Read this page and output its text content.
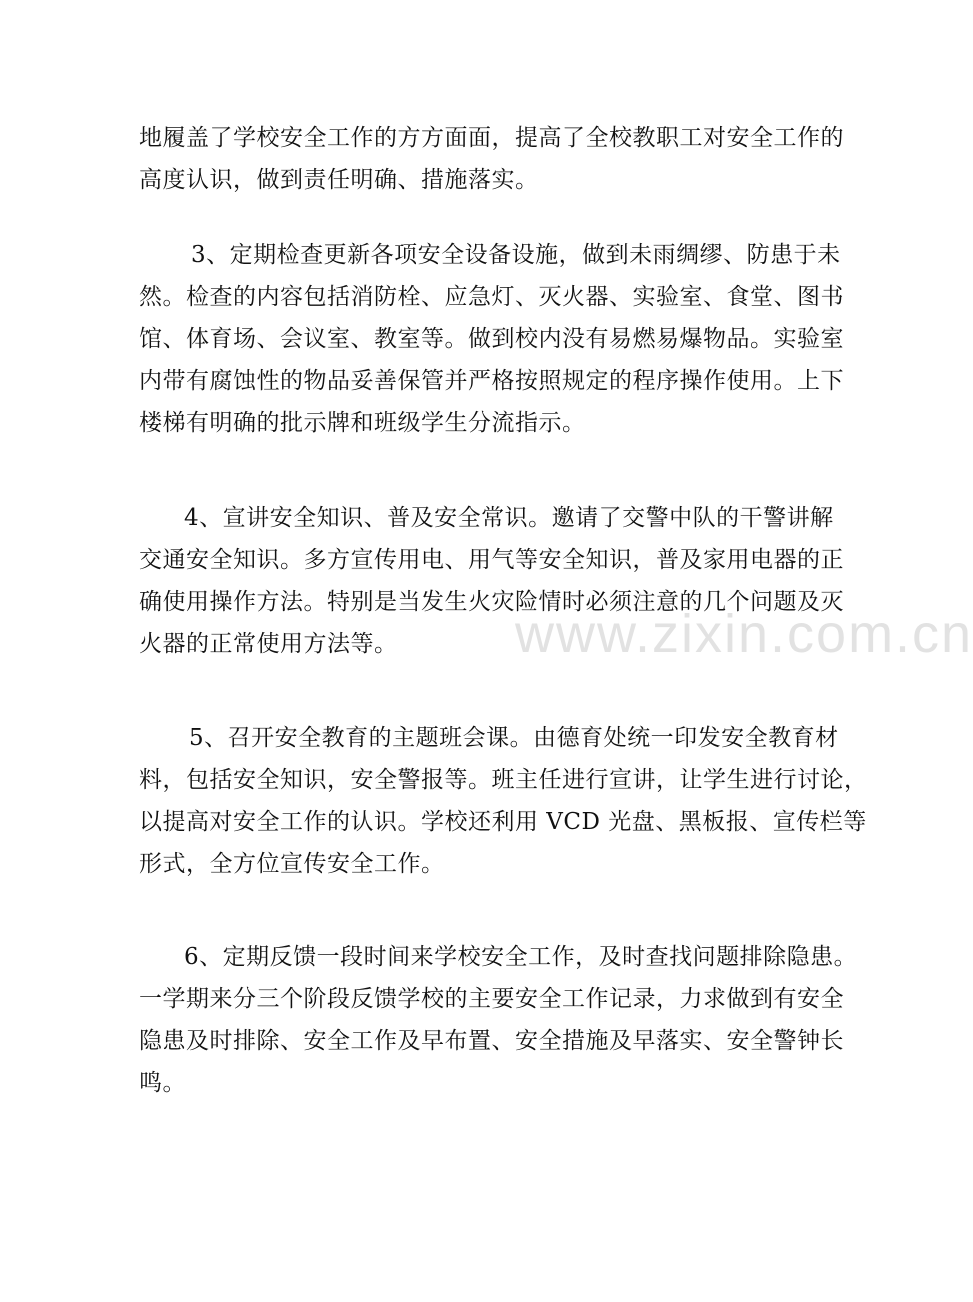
地履盖了学校安全工作的方方面面，提高了全校教职工对安全工作的
高度认识，做到责任明确、措施落实。
3、定期检查更新各项安全设备设施，做到未雨绸缪、防患于未
然。检查的内容包括消防栓、应急灯、灭火器、实验室、食堂、图书
馆、体育场、会议室、教室等。做到校内没有易燃易爆物品。实验室
内带有腐蚀性的物品妥善保管并严格按照规定的程序操作使用。上下
楼梯有明确的批示牌和班级学生分流指示。
4、宣讲安全知识、普及安全常识。邀请了交警中队的干警讲解
交通安全知识。多方宣传用电、用气等安全知识，普及家用电器的正
确使用操作方法。特别是当发生火灾险情时必须注意的几个问题及灭
火器的正常使用方法等。
5、召开安全教育的主题班会课。由德育处统一印发安全教育材
料，包括安全知识，安全警报等。班主任进行宣讲，让学生进行讨论，
以提高对安全工作的认识。学校还利用 VCD 光盘、黑板报、宣传栏等
形式，全方位宣传安全工作。
6、定期反馈一段时间来学校安全工作，及时查找问题排除隐患。
一学期来分三个阶段反馈学校的主要安全工作记录，力求做到有安全
隐患及时排除、安全工作及早布置、安全措施及早落实、安全警钟长
鸣。
www.zixin.com.cn
